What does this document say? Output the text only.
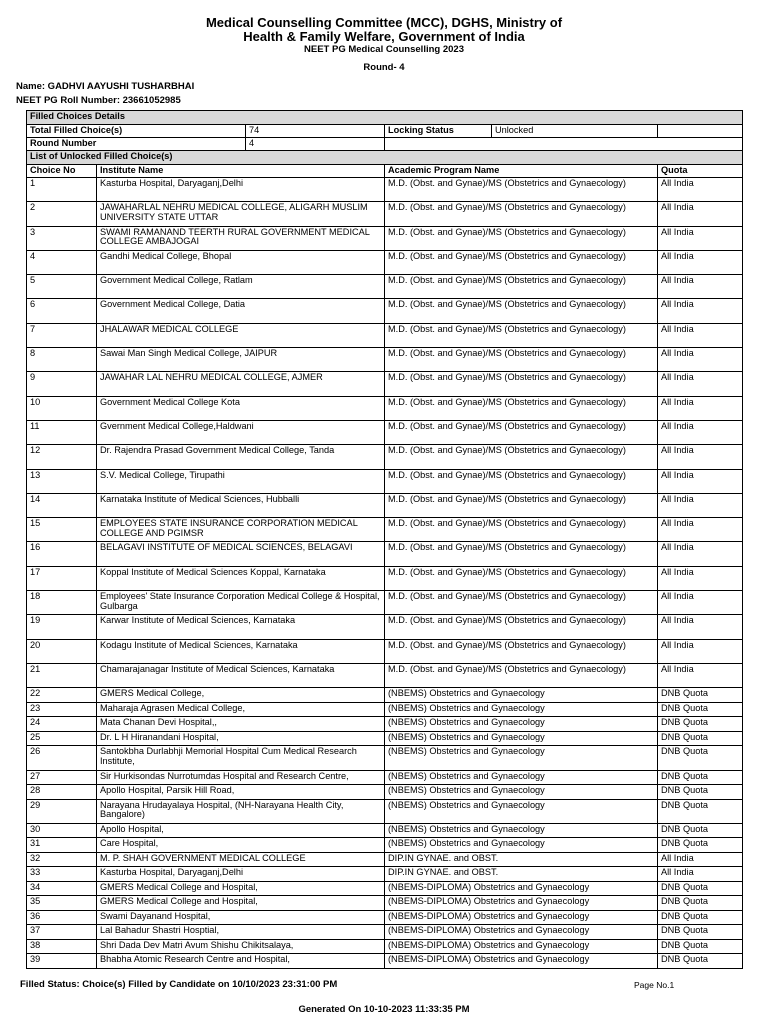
Medical Counselling Committee (MCC), DGHS, Ministry of Health & Family Welfare, Government of India
NEET PG Medical Counselling 2023
Round- 4
Name: GADHVI AAYUSHI TUSHARBHAI
NEET PG Roll Number: 23661052985
Filled Choices Details			

Total Filled Choice(s) 74		Locking Status Unlocked	

Round Number 4			

List of Unlocked Filled Choice(s)			
Choice No	Institute Name	Academic Program Name	Quota
1	Kasturba Hospital, Daryaganj,Delhi	M.D. (Obst. and Gynae)/MS (Obstetrics and Gynaecology)	All India
2	JAWAHARLAL NEHRU MEDICAL COLLEGE, ALIGARH MUSLIM UNIVERSITY STATE UTTAR	M.D. (Obst. and Gynae)/MS (Obstetrics and Gynaecology)	All India
3	SWAMI RAMANAND TEERTH RURAL GOVERNMENT MEDICAL COLLEGE AMBAJOGAI	M.D. (Obst. and Gynae)/MS (Obstetrics and Gynaecology)	All India
4	Gandhi Medical College, Bhopal	M.D. (Obst. and Gynae)/MS (Obstetrics and Gynaecology)	All India
5	Government Medical College, Ratlam	M.D. (Obst. and Gynae)/MS (Obstetrics and Gynaecology)	All India
6	Government Medical College, Datia	M.D. (Obst. and Gynae)/MS (Obstetrics and Gynaecology)	All India
7	JHALAWAR MEDICAL COLLEGE	M.D. (Obst. and Gynae)/MS (Obstetrics and Gynaecology)	All India
8	Sawai Man Singh Medical College, JAIPUR	M.D. (Obst. and Gynae)/MS (Obstetrics and Gynaecology)	All India
9	JAWAHAR LAL NEHRU MEDICAL COLLEGE, AJMER	M.D. (Obst. and Gynae)/MS (Obstetrics and Gynaecology)	All India
10	Government Medical College Kota	M.D. (Obst. and Gynae)/MS (Obstetrics and Gynaecology)	All India
11	Gvernment Medical College,Haldwani	M.D. (Obst. and Gynae)/MS (Obstetrics and Gynaecology)	All India
12	Dr. Rajendra Prasad Government Medical College, Tanda	M.D. (Obst. and Gynae)/MS (Obstetrics and Gynaecology)	All India
13	S.V. Medical College, Tirupathi	M.D. (Obst. and Gynae)/MS (Obstetrics and Gynaecology)	All India
14	Karnataka Institute of Medical Sciences, Hubballi	M.D. (Obst. and Gynae)/MS (Obstetrics and Gynaecology)	All India
15	EMPLOYEES STATE INSURANCE CORPORATION MEDICAL COLLEGE AND PGIMSR	M.D. (Obst. and Gynae)/MS (Obstetrics and Gynaecology)	All India
16	BELAGAVI INSTITUTE OF MEDICAL SCIENCES, BELAGAVI	M.D. (Obst. and Gynae)/MS (Obstetrics and Gynaecology)	All India
17	Koppal Institute of Medical Sciences Koppal, Karnataka	M.D. (Obst. and Gynae)/MS (Obstetrics and Gynaecology)	All India
18	Employees' State Insurance Corporation Medical College & Hospital, Gulbarga	M.D. (Obst. and Gynae)/MS (Obstetrics and Gynaecology)	All India
19	Karwar Institute of Medical Sciences, Karnataka	M.D. (Obst. and Gynae)/MS (Obstetrics and Gynaecology)	All India
20	Kodagu Institute of Medical Sciences, Karnataka	M.D. (Obst. and Gynae)/MS (Obstetrics and Gynaecology)	All India
21	Chamarajanagar Institute of Medical Sciences, Karnataka	M.D. (Obst. and Gynae)/MS (Obstetrics and Gynaecology)	All India
22	GMERS Medical College,	(NBEMS) Obstetrics and Gynaecology	DNB Quota
23	Maharaja Agrasen Medical College,	(NBEMS) Obstetrics and Gynaecology	DNB Quota
24	Mata Chanan Devi Hospital,,	(NBEMS) Obstetrics and Gynaecology	DNB Quota
25	Dr. L H Hiranandani Hospital,	(NBEMS) Obstetrics and Gynaecology	DNB Quota
26	Santokbha Durlabhji Memorial Hospital Cum Medical Research Institute,	(NBEMS) Obstetrics and Gynaecology	DNB Quota
27	Sir Hurkisondas Nurrotumdas Hospital and Research Centre,	(NBEMS) Obstetrics and Gynaecology	DNB Quota
28	Apollo Hospital, Parsik Hill Road,	(NBEMS) Obstetrics and Gynaecology	DNB Quota
29	Narayana Hrudayalaya Hospital, (NH-Narayana Health City, Bangalore)	(NBEMS) Obstetrics and Gynaecology	DNB Quota
30	Apollo Hospital,	(NBEMS) Obstetrics and Gynaecology	DNB Quota
31	Care Hospital,	(NBEMS) Obstetrics and Gynaecology	DNB Quota
32	M. P. SHAH GOVERNMENT MEDICAL COLLEGE	DIP.IN GYNAE. and OBST.	All India
33	Kasturba Hospital, Daryaganj,Delhi	DIP.IN GYNAE. and OBST.	All India
34	GMERS Medical College and Hospital,	(NBEMS-DIPLOMA) Obstetrics and Gynaecology	DNB Quota
35	GMERS Medical College and Hospital,	(NBEMS-DIPLOMA) Obstetrics and Gynaecology	DNB Quota
36	Swami Dayanand Hospital,	(NBEMS-DIPLOMA) Obstetrics and Gynaecology	DNB Quota
37	Lal Bahadur Shastri Hosptial,	(NBEMS-DIPLOMA) Obstetrics and Gynaecology	DNB Quota
38	Shri Dada Dev Matri Avum Shishu Chikitsalaya,	(NBEMS-DIPLOMA) Obstetrics and Gynaecology	DNB Quota
39	Bhabha Atomic Research Centre and Hospital,	(NBEMS-DIPLOMA) Obstetrics and Gynaecology	DNB Quota
Filled Status: Choice(s) Filled by Candidate on 10/10/2023 23:31:00 PM	Page No.1
Generated On 10-10-2023 11:33:35 PM
